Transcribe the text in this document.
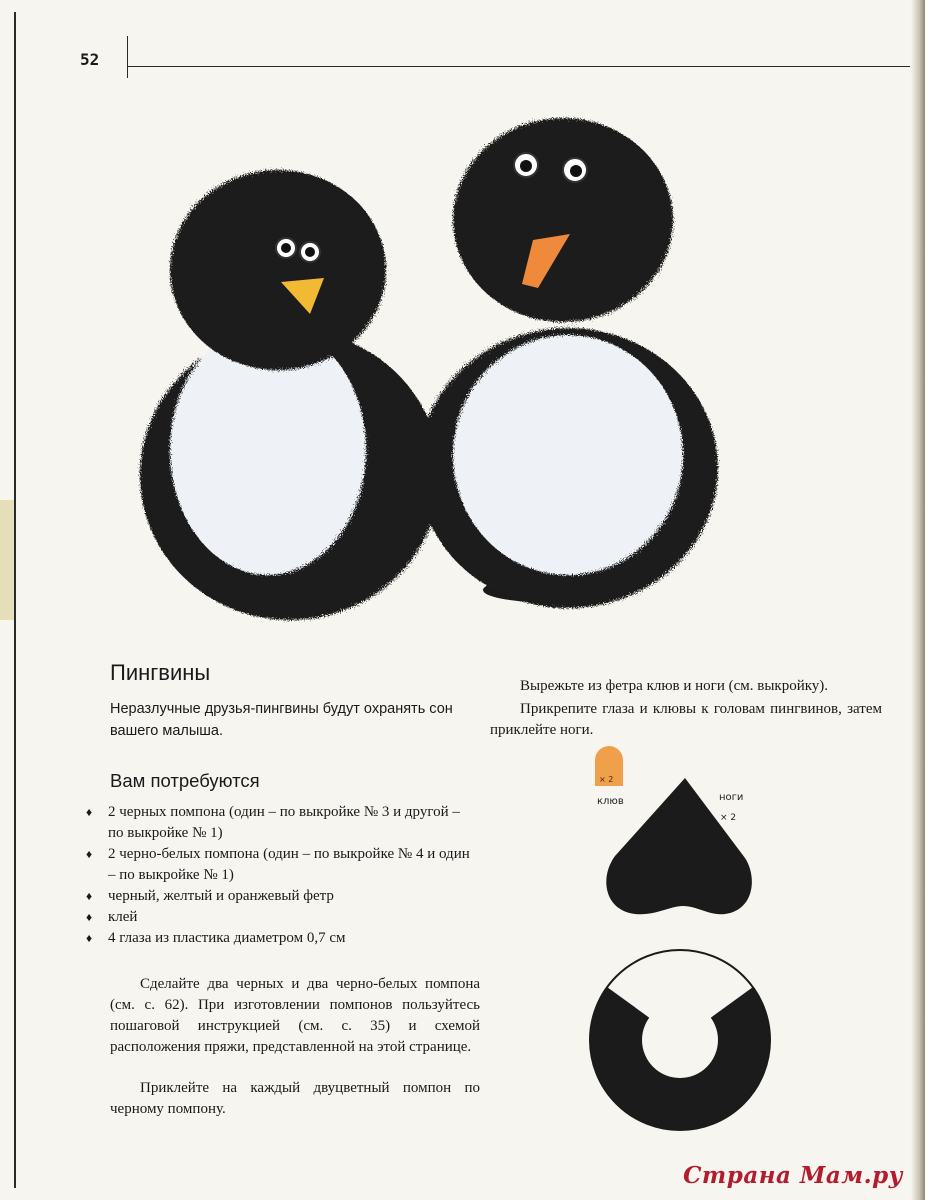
52
Пингвины

Неразлучные друзья-пингвины будут охранять сон вашего малыша.

Вам потребуются
♦ 2 черных помпона (один – по выкройке № 3 и другой – по выкройке № 1)
♦ 2 черно-белых помпона (один – по выкройке № 4 и один – по выкройке № 1)
♦ черный, желтый и оранжевый фетр
♦ клей
♦ 4 глаза из пластика диаметром 0,7 см

Сделайте два черных и два черно-белых помпона (см. с. 62). При изготовлении помпонов пользуйтесь пошаговой инструкцией (см. с. 35) и схемой расположения пряжи, представленной на этой странице.

Приклейте на каждый двуцветный помпон по черному помпону.

Вырежьте из фетра клюв и ноги (см. выкройку).

Прикрепите глаза и клювы к головам пингвинов, затем приклейте ноги.

× 2
клюв	ноги
× 2
Страна Мам.ру
